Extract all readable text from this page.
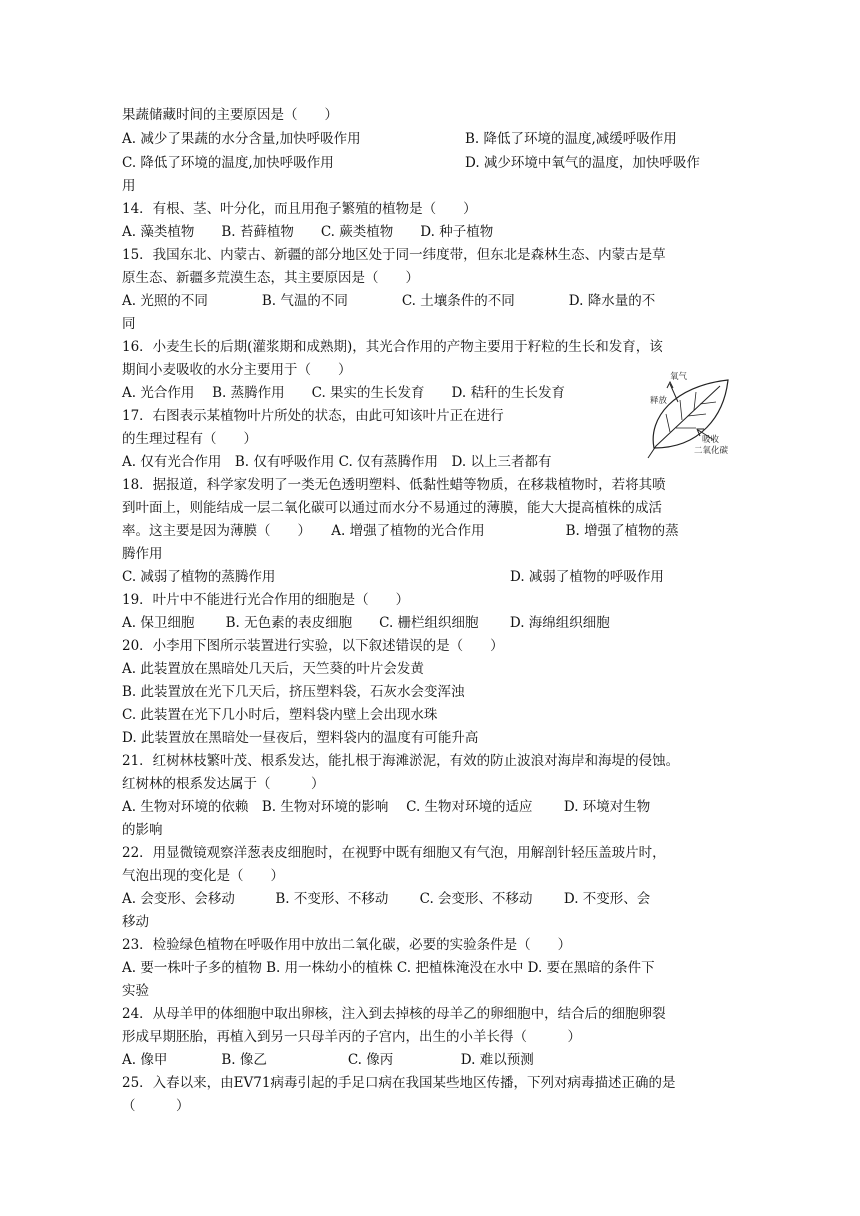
果蔬储藏时间的主要原因是（　　）

A. 减少了果蔬的水分含量,加快呼吸作用	B. 降低了环境的温度,减缓呼吸作用

C. 降低了环境的温度,加快呼吸作用	D. 减少环境中氧气的温度，加快呼吸作

用

14．有根、茎、叶分化，而且用孢子繁殖的植物是（　　）

A. 藻类植物　　B. 苔藓植物　　C. 蕨类植物　　D. 种子植物

15．我国东北、内蒙古、新疆的部分地区处于同一纬度带，但东北是森林生态、内蒙古是草

原生态、新疆多荒漠生态，其主要原因是（　　）

A. 光照的不同　　　　B. 气温的不同　　　　C. 土壤条件的不同　　　　D. 降水量的不

同

16．小麦生长的后期(灌浆期和成熟期)，其光合作用的产物主要用于籽粒的生长和发育，该

期间小麦吸收的水分主要用于（　　）

A. 光合作用　 B. 蒸腾作用　　C. 果实的生长发育　　D. 秸秆的生长发育

17．右图表示某植物叶片所处的状态，由此可知该叶片正在进行

的生理过程有（　　）

A. 仅有光合作用　B. 仅有呼吸作用 C. 仅有蒸腾作用　D. 以上三者都有

氧气
释放
吸收
二氧化碳

18．据报道，科学家发明了一类无色透明塑料、低黏性蜡等物质，在移栽植物时，若将其喷

到叶面上，则能结成一层二氧化碳可以通过而水分不易通过的薄膜，能大大提高植株的成活

率。这主要是因为薄膜（　　）　　A. 增强了植物的光合作用　　　　　　B. 增强了植物的蒸

腾作用

C. 减弱了植物的蒸腾作用	D. 减弱了植物的呼吸作用

19．叶片中不能进行光合作用的细胞是（　　）

A. 保卫细胞　　 B. 无色素的表皮细胞　　C. 栅栏组织细胞　　 D. 海绵组织细胞

20．小李用下图所示装置进行实验，以下叙述错误的是（　　）

A. 此装置放在黑暗处几天后，天竺葵的叶片会发黄

B. 此装置放在光下几天后，挤压塑料袋，石灰水会变浑浊

C. 此装置在光下几小时后，塑料袋内壁上会出现水珠

D. 此装置放在黑暗处一昼夜后，塑料袋内的温度有可能升高

21．红树林枝繁叶茂、根系发达，能扎根于海滩淤泥，有效的防止波浪对海岸和海堤的侵蚀。

红树林的根系发达属于（　　　）

A. 生物对环境的依赖　B. 生物对环境的影响　 C. 生物对环境的适应　　 D. 环境对生物

的影响

22．用显微镜观察洋葱表皮细胞时，在视野中既有细胞又有气泡，用解剖针轻压盖玻片时，

气泡出现的变化是（　　）

A. 会变形、会移动　　　B. 不变形、不移动　　 C. 会变形、不移动　　 D. 不变形、会

移动

23．检验绿色植物在呼吸作用中放出二氧化碳，必要的实验条件是（　　）

A. 要一株叶子多的植物 B. 用一株幼小的植株 C. 把植株淹没在水中 D. 要在黑暗的条件下

实验

24．从母羊甲的体细胞中取出卵核，注入到去掉核的母羊乙的卵细胞中，结合后的细胞卵裂

形成早期胚胎，再植入到另一只母羊丙的子宫内，出生的小羊长得（　　　）

A. 像甲　　　　B. 像乙　　　　　　C. 像丙　　　　　D. 难以预测

25．入春以来，由EV71病毒引起的手足口病在我国某些地区传播，下列对病毒描述正确的是

（　　　）
